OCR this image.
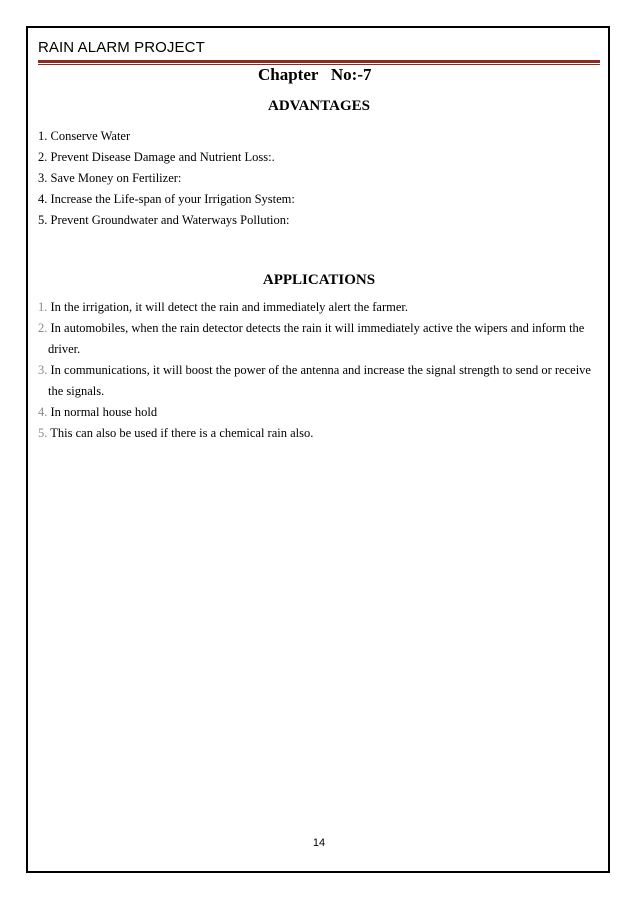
RAIN ALARM PROJECT
Chapter   No:-7
ADVANTAGES
1. Conserve Water
2. Prevent Disease Damage and Nutrient Loss:.
3. Save Money on Fertilizer:
4. Increase the Life-span of your Irrigation System:
5. Prevent Groundwater and Waterways Pollution:
APPLICATIONS
1. In the irrigation, it will detect the rain and immediately alert the farmer.
2. In automobiles, when the rain detector detects the rain it will immediately active the wipers and inform the driver.
3. In communications, it will boost the power of the antenna and increase the signal strength to send or receive the signals.
4. In normal house hold
5. This can also be used if there is a chemical rain also.
14
